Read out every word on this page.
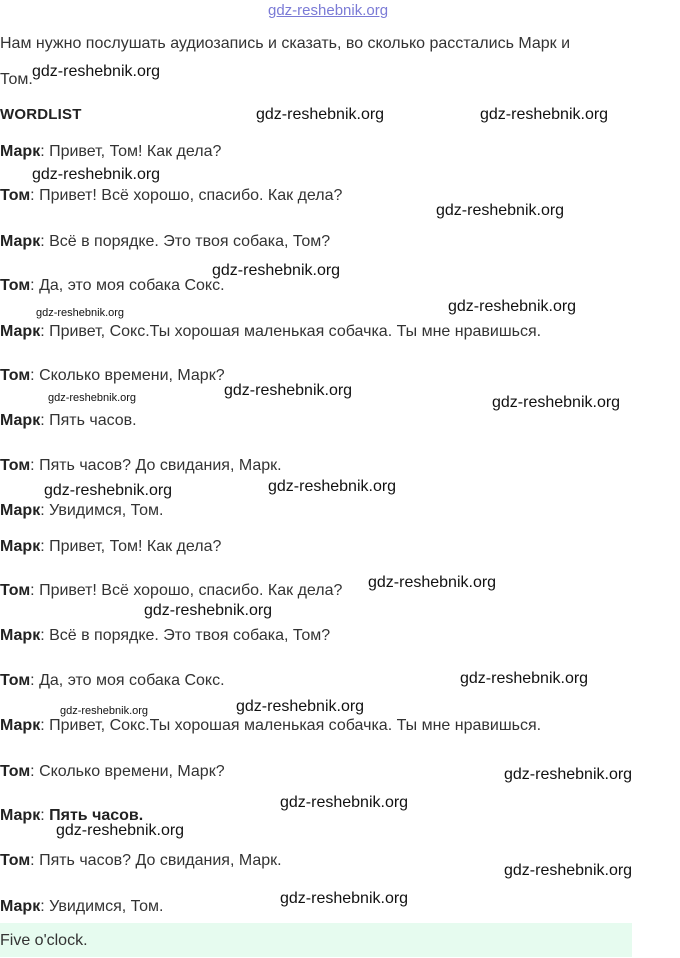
gdz-reshebnik.org
Нам нужно послушать аудиозапись и сказать, во сколько расстались Марк и
Том.
WORDLIST
Марк: Привет, Том! Как дела?
Том: Привет! Всё хорошо, спасибо. Как дела?
Марк: Всё в порядке. Это твоя собака, Том?
Том: Да, это моя собака Сокс.
Марк: Привет, Сокс.Ты хорошая маленькая собачка. Ты мне нравишься.
Том: Сколько времени, Марк?
Марк: Пять часов.
Том: Пять часов? До свидания, Марк.
Марк: Увидимся, Том.
Марк: Привет, Том! Как дела?
Том: Привет! Всё хорошо, спасибо. Как дела?
Марк: Всё в порядке. Это твоя собака, Том?
Том: Да, это моя собака Сокс.
Марк: Привет, Сокс.Ты хорошая маленькая собачка. Ты мне нравишься.
Том: Сколько времени, Марк?
Марк: Пять часов.
Том: Пять часов? До свидания, Марк.
Марк: Увидимся, Том.
Five o'clock.
gdz-reshebnik.org
gdz-reshebnik.org	gdz-reshebnik.org
gdz-reshebnik.org
gdz-reshebnik.org
gdz-reshebnik.org
gdz-reshebnik.org
gdz-reshebnik.org
gdz-reshebnik.org
gdz-reshebnik.org	gdz-reshebnik.org
gdz-reshebnik.org	gdz-reshebnik.org
gdz-reshebnik.org
gdz-reshebnik.org
gdz-reshebnik.org
gdz-reshebnik.org
gdz-reshebnik.org
gdz-reshebnik.org
gdz-reshebnik.org
gdz-reshebnik.org
gdz-reshebnik.org
gdz-reshebnik.org
